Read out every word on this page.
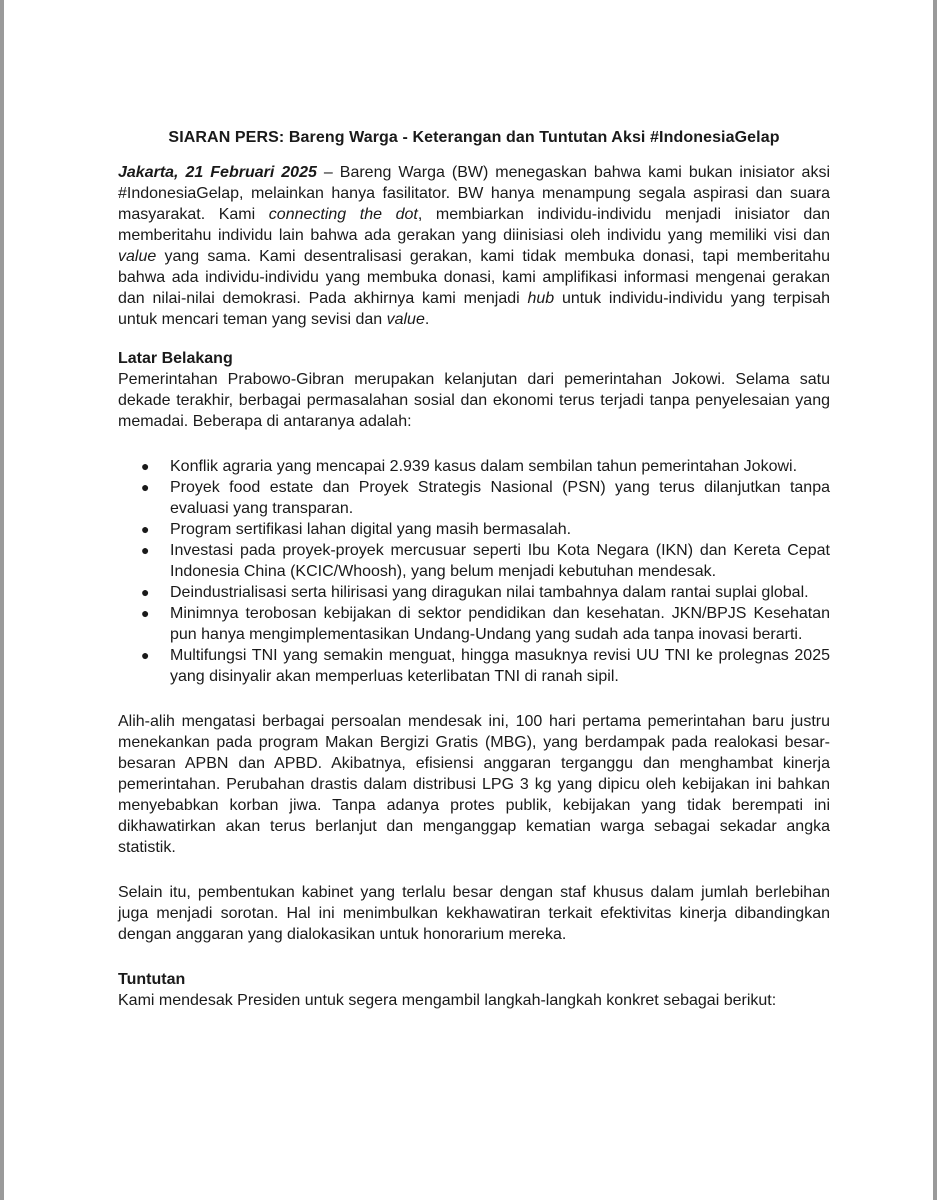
SIARAN PERS: Bareng Warga - Keterangan dan Tuntutan Aksi #IndonesiaGelap

Jakarta, 21 Februari 2025 – Bareng Warga (BW) menegaskan bahwa kami bukan inisiator aksi #IndonesiaGelap, melainkan hanya fasilitator. BW hanya menampung segala aspirasi dan suara masyarakat. Kami connecting the dot, membiarkan individu-individu menjadi inisiator dan memberitahu individu lain bahwa ada gerakan yang diinisiasi oleh individu yang memiliki visi dan value yang sama. Kami desentralisasi gerakan, kami tidak membuka donasi, tapi memberitahu bahwa ada individu-individu yang membuka donasi, kami amplifikasi informasi mengenai gerakan dan nilai-nilai demokrasi. Pada akhirnya kami menjadi hub untuk individu-individu yang terpisah untuk mencari teman yang sevisi dan value.

Latar Belakang

Pemerintahan Prabowo-Gibran merupakan kelanjutan dari pemerintahan Jokowi. Selama satu dekade terakhir, berbagai permasalahan sosial dan ekonomi terus terjadi tanpa penyelesaian yang memadai. Beberapa di antaranya adalah:

● Konflik agraria yang mencapai 2.939 kasus dalam sembilan tahun pemerintahan Jokowi.
● Proyek food estate dan Proyek Strategis Nasional (PSN) yang terus dilanjutkan tanpa evaluasi yang transparan.
● Program sertifikasi lahan digital yang masih bermasalah.
● Investasi pada proyek-proyek mercusuar seperti Ibu Kota Negara (IKN) dan Kereta Cepat Indonesia China (KCIC/Whoosh), yang belum menjadi kebutuhan mendesak.
● Deindustrialisasi serta hilirisasi yang diragukan nilai tambahnya dalam rantai suplai global.
● Minimnya terobosan kebijakan di sektor pendidikan dan kesehatan. JKN/BPJS Kesehatan pun hanya mengimplementasikan Undang-Undang yang sudah ada tanpa inovasi berarti.
● Multifungsi TNI yang semakin menguat, hingga masuknya revisi UU TNI ke prolegnas 2025 yang disinyalir akan memperluas keterlibatan TNI di ranah sipil.

Alih-alih mengatasi berbagai persoalan mendesak ini, 100 hari pertama pemerintahan baru justru menekankan pada program Makan Bergizi Gratis (MBG), yang berdampak pada realokasi besar-besaran APBN dan APBD. Akibatnya, efisiensi anggaran terganggu dan menghambat kinerja pemerintahan. Perubahan drastis dalam distribusi LPG 3 kg yang dipicu oleh kebijakan ini bahkan menyebabkan korban jiwa. Tanpa adanya protes publik, kebijakan yang tidak berempati ini dikhawatirkan akan terus berlanjut dan menganggap kematian warga sebagai sekadar angka statistik.

Selain itu, pembentukan kabinet yang terlalu besar dengan staf khusus dalam jumlah berlebihan juga menjadi sorotan. Hal ini menimbulkan kekhawatiran terkait efektivitas kinerja dibandingkan dengan anggaran yang dialokasikan untuk honorarium mereka.

Tuntutan

Kami mendesak Presiden untuk segera mengambil langkah-langkah konkret sebagai berikut:
